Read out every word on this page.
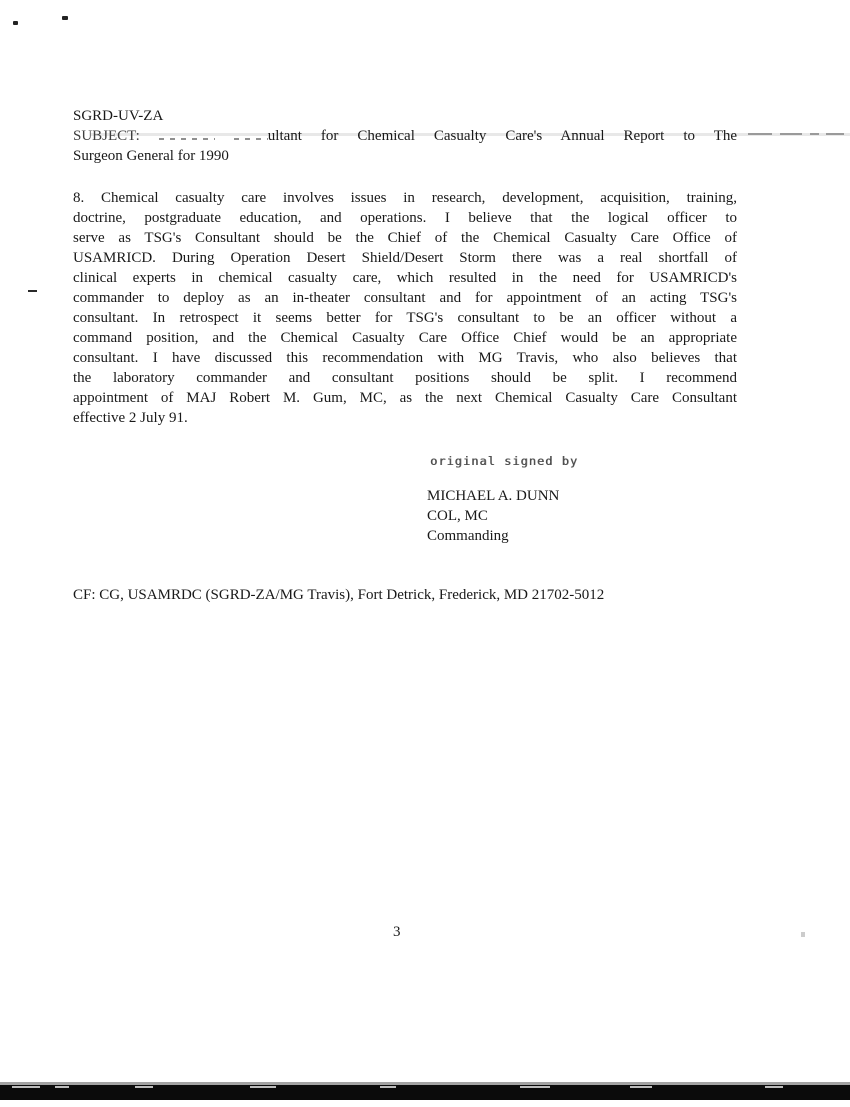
SGRD-UV-ZA
SUBJECT:	ultant for Chemical Casualty Care's Annual Report to The
Surgeon General for 1990
8. Chemical casualty care involves issues in research, development, acquisition, training,
doctrine, postgraduate education, and operations. I believe that the logical officer to
serve as TSG's Consultant should be the Chief of the Chemical Casualty Care Office of
USAMRICD. During Operation Desert Shield/Desert Storm there was a real shortfall of
clinical experts in chemical casualty care, which resulted in the need for USAMRICD's
commander to deploy as an in-theater consultant and for appointment of an acting TSG's
consultant. In retrospect it seems better for TSG's consultant to be an officer without a
command position, and the Chemical Casualty Care Office Chief would be an appropriate
consultant. I have discussed this recommendation with MG Travis, who also believes that
the laboratory commander and consultant positions should be split. I recommend
appointment of MAJ Robert M. Gum, MC, as the next Chemical Casualty Care Consultant
effective 2 July 91.
original signed by
MICHAEL A. DUNN
COL, MC
Commanding
CF: CG, USAMRDC (SGRD-ZA/MG Travis), Fort Detrick, Frederick, MD 21702-5012
3
